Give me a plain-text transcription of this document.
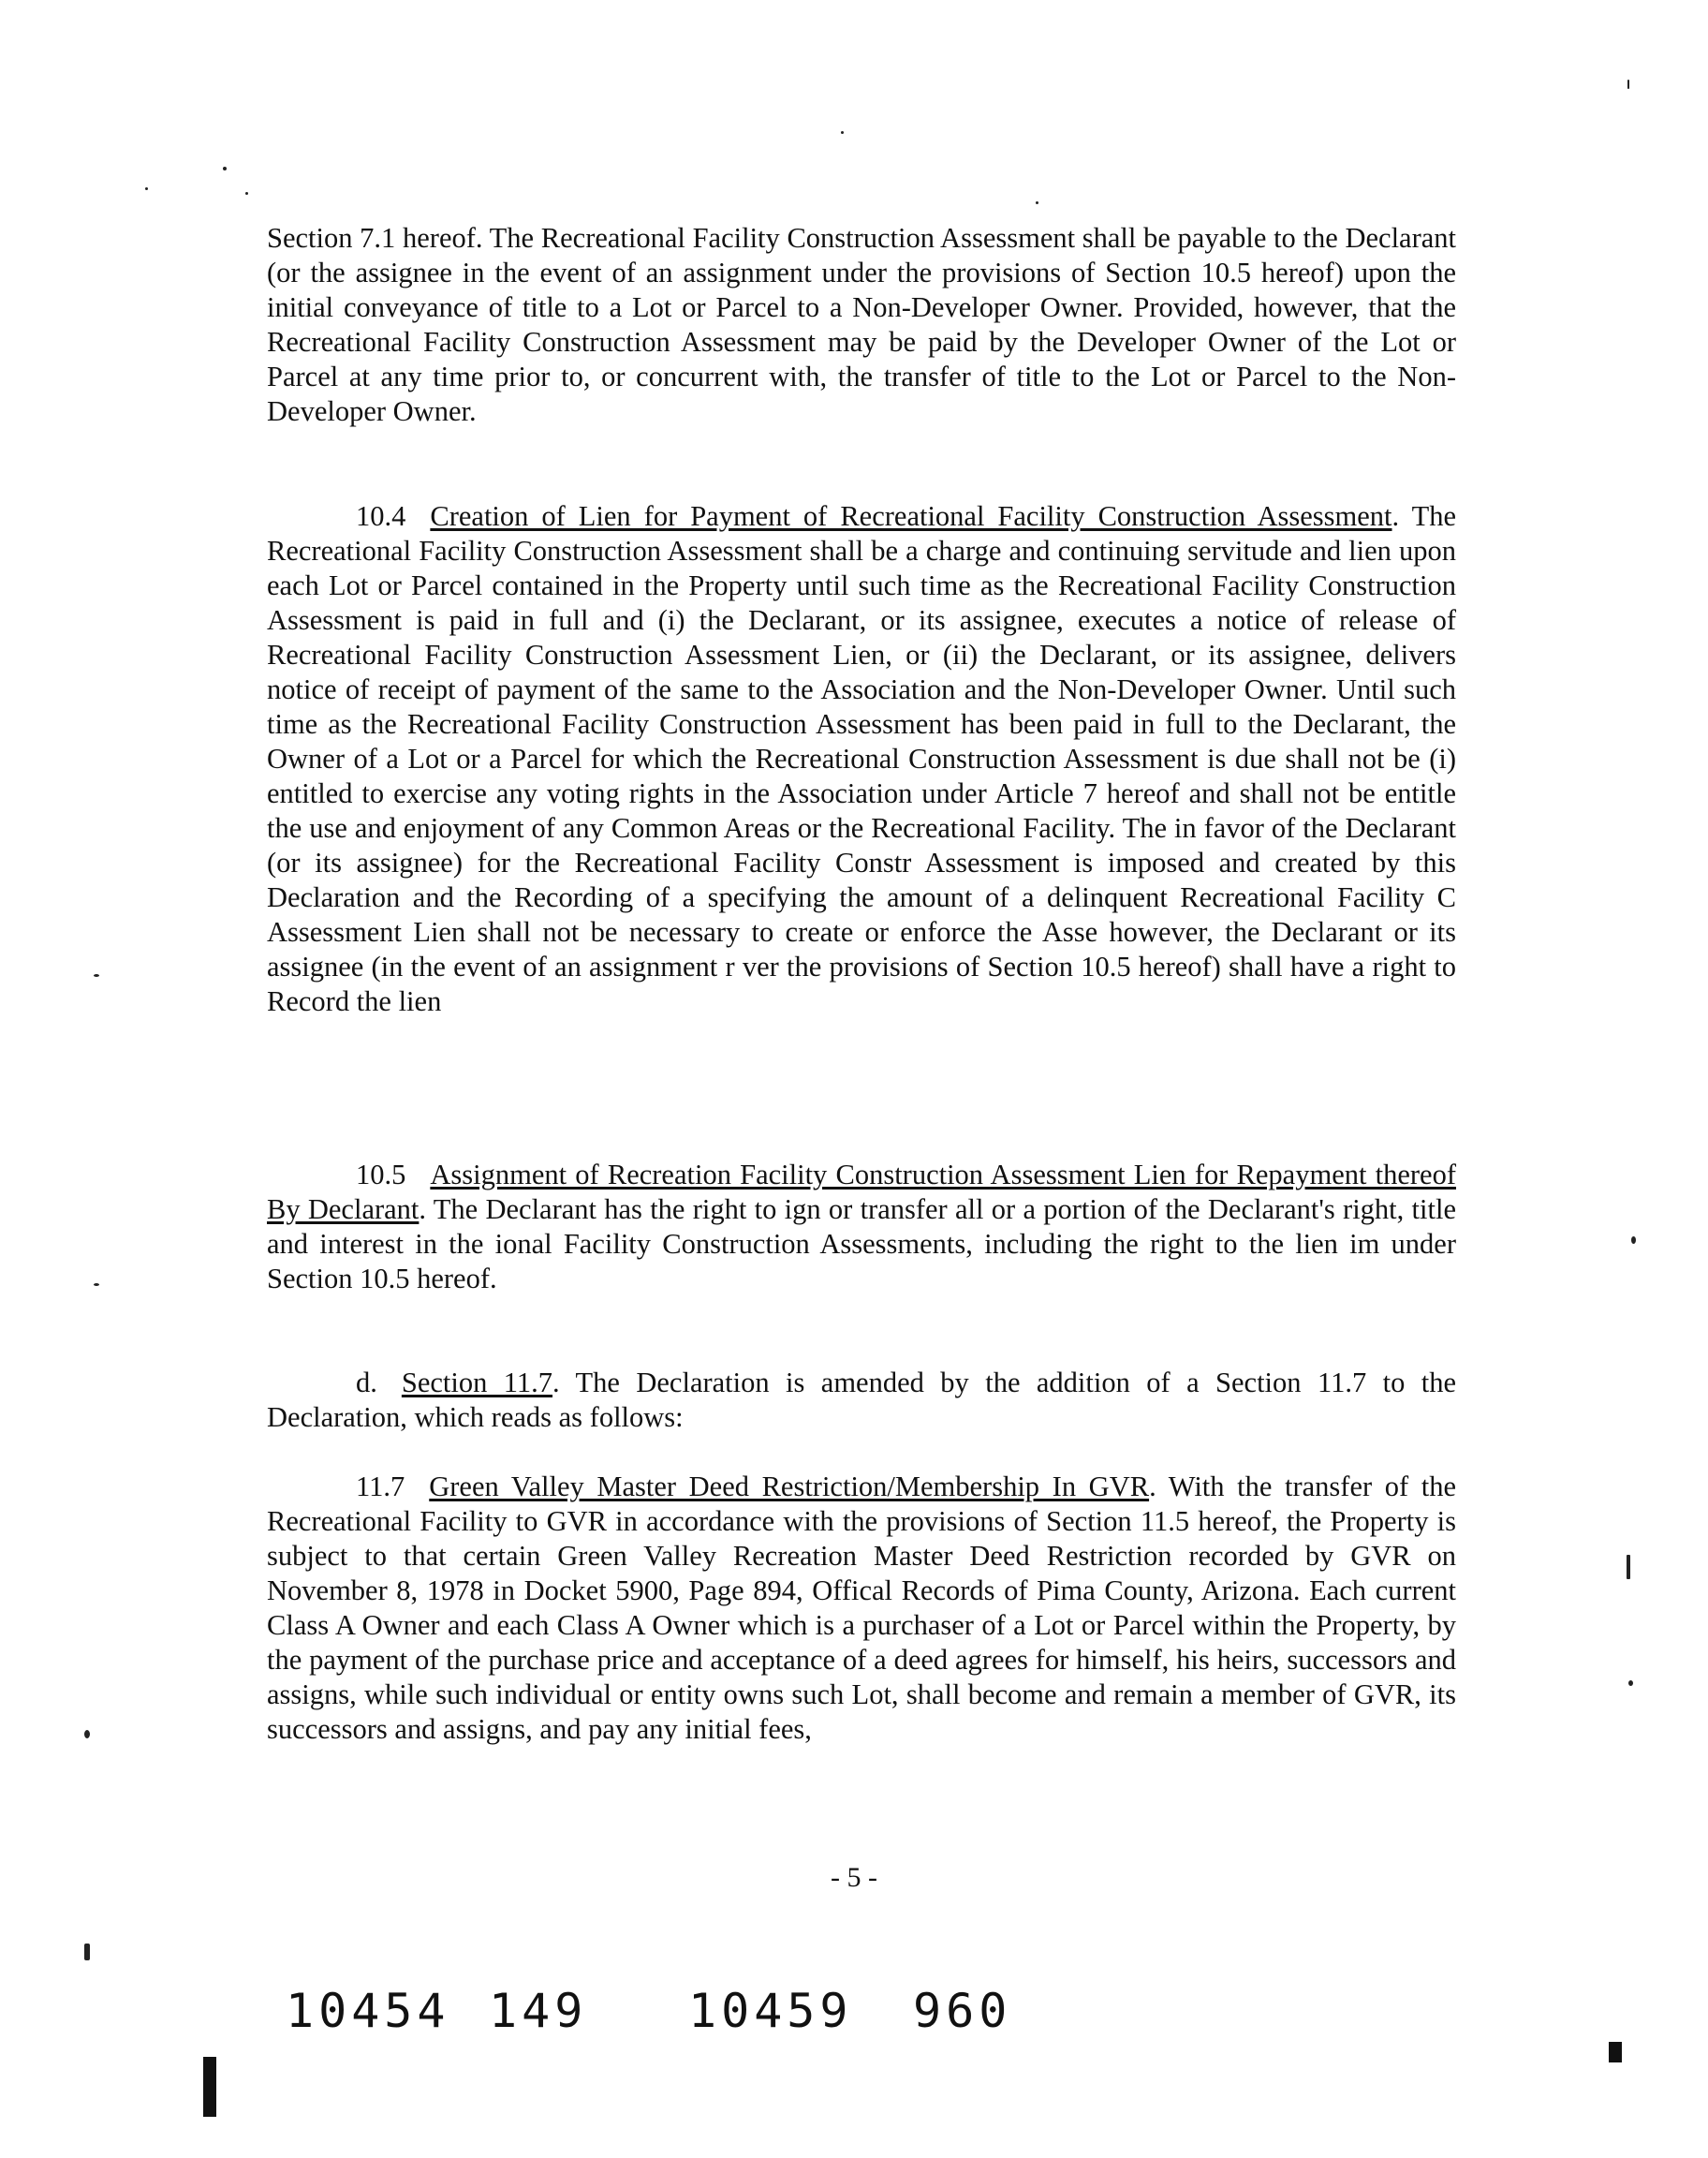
Section 7.1 hereof. The Recreational Facility Construction Assessment shall be payable to the Declarant (or the assignee in the event of an assignment under the provisions of Section 10.5 hereof) upon the initial conveyance of title to a Lot or Parcel to a Non-Developer Owner. Provided, however, that the Recreational Facility Construction Assessment may be paid by the Developer Owner of the Lot or Parcel at any time prior to, or concurrent with, the transfer of title to the Lot or Parcel to the Non-Developer Owner.

10.4 Creation of Lien for Payment of Recreational Facility Construction Assessment. The Recreational Facility Construction Assessment shall be a charge and continuing servitude and lien upon each Lot or Parcel contained in the Property until such time as the Recreational Facility Construction Assessment is paid in full and (i) the Declarant, or its assignee, executes a notice of release of Recreational Facility Construction Assessment Lien, or (ii) the Declarant, or its assignee, delivers notice of receipt of payment of the same to the Association and the Non-Developer Owner. Until such time as the Recreational Facility Construction Assessment has been paid in full to the Declarant, the Owner of a Lot or a Parcel for which the Recreational Construction Assessment is due shall not be (i) entitled to exercise any voting rights in the Association under Article 7 hereof and shall not be entitle the use and enjoyment of any Common Areas or the Recreational Facility. The in favor of the Declarant (or its assignee) for the Recreational Facility Constr Assessment is imposed and created by this Declaration and the Recording of a specifying the amount of a delinquent Recreational Facility C Assessment Lien shall not be necessary to create or enforce the Asse however, the Declarant or its assignee (in the event of an assignment r ver the provisions of Section 10.5 hereof) shall have a right to Record the lien

10.5 Assignment of Recreation Facility Construction Assessment Lien for Repayment thereof By Declarant. The Declarant has the right to ign or transfer all or a portion of the Declarant's right, title and interest in the ional Facility Construction Assessments, including the right to the lien im under Section 10.5 hereof.

d. Section 11.7. The Declaration is amended by the addition of a Section 11.7 to the Declaration, which reads as follows:

11.7 Green Valley Master Deed Restriction/Membership In GVR. With the transfer of the Recreational Facility to GVR in accordance with the provisions of Section 11.5 hereof, the Property is subject to that certain Green Valley Recreation Master Deed Restriction recorded by GVR on November 8, 1978 in Docket 5900, Page 894, Offical Records of Pima County, Arizona. Each current Class A Owner and each Class A Owner which is a purchaser of a Lot or Parcel within the Property, by the payment of the purchase price and acceptance of a deed agrees for himself, his heirs, successors and assigns, while such individual or entity owns such Lot, shall become and remain a member of GVR, its successors and assigns, and pay any initial fees,

- 5 -
10454 149 10459 960
